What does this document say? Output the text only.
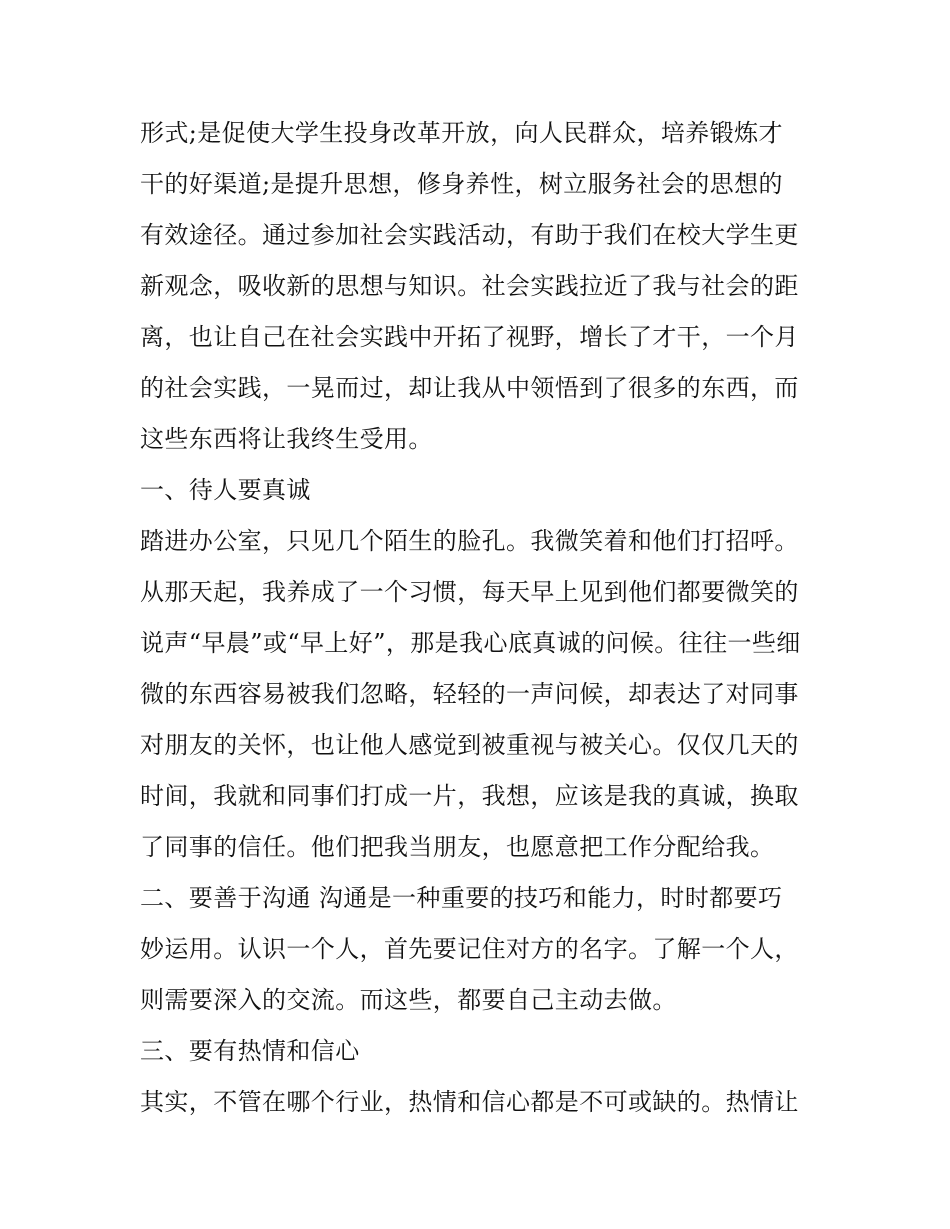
形式;是促使大学生投身改革开放，向人民群众，培养锻炼才
干的好渠道;是提升思想，修身养性，树立服务社会的思想的
有效途径。通过参加社会实践活动，有助于我们在校大学生更
新观念，吸收新的思想与知识。社会实践拉近了我与社会的距
离，也让自己在社会实践中开拓了视野，增长了才干，一个月
的社会实践，一晃而过，却让我从中领悟到了很多的东西，而
这些东西将让我终生受用。
一、待人要真诚
踏进办公室，只见几个陌生的脸孔。我微笑着和他们打招呼。
从那天起，我养成了一个习惯，每天早上见到他们都要微笑的
说声“早晨”或“早上好”，那是我心底真诚的问候。往往一些细
微的东西容易被我们忽略，轻轻的一声问候，却表达了对同事
对朋友的关怀，也让他人感觉到被重视与被关心。仅仅几天的
时间，我就和同事们打成一片，我想，应该是我的真诚，换取
了同事的信任。他们把我当朋友，也愿意把工作分配给我。
二、要善于沟通 沟通是一种重要的技巧和能力，时时都要巧
妙运用。认识一个人，首先要记住对方的名字。了解一个人，
则需要深入的交流。而这些，都要自己主动去做。
三、要有热情和信心
其实，不管在哪个行业，热情和信心都是不可或缺的。热情让
